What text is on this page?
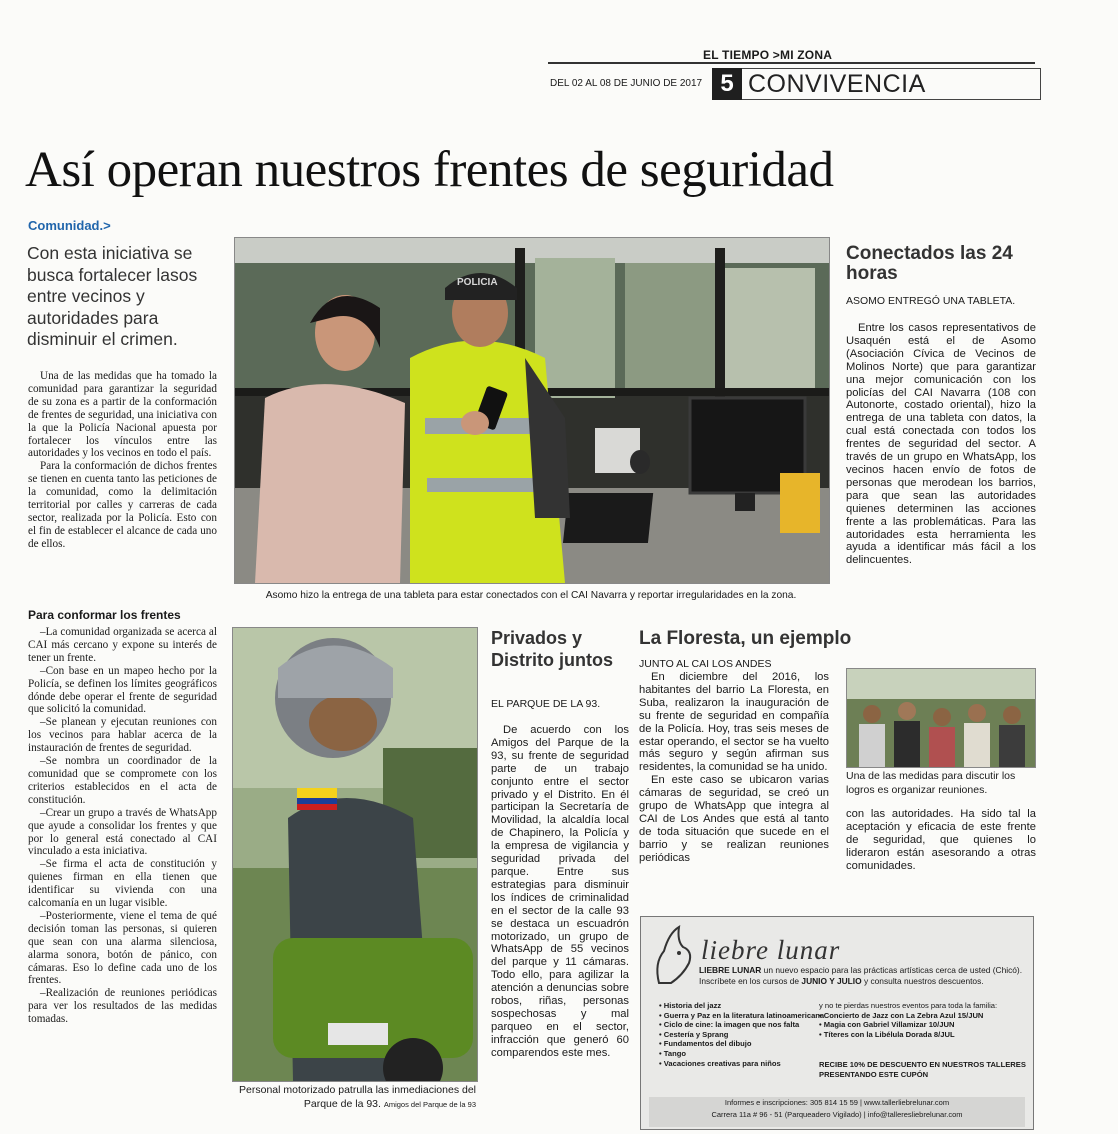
EL TIEMPO >MI ZONA
DEL 02 AL 08 DE JUNIO DE 2017 5 CONVIVENCIA
Así operan nuestros frentes de seguridad
Comunidad.>
Con esta iniciativa se busca fortalecer lasos entre vecinos y autoridades para disminuir el crimen.

Una de las medidas que ha tomado la comunidad para garantizar la seguridad de su zona es a partir de la conformación de frentes de seguridad, una iniciativa con la que la Policía Nacional apuesta por fortalecer los vínculos entre las autoridades y los vecinos en todo el país.

Para la conformación de dichos frentes se tienen en cuenta tanto las peticiones de la comunidad, como la delimitación territorial por calles y carreras de cada sector, realizada por la Policía. Esto con el fin de establecer el alcance de cada uno de ellos.

Para conformar los frentes

–La comunidad organizada se acerca al CAI más cercano y expone su interés de tener un frente.

–Con base en un mapeo hecho por la Policía, se definen los límites geográficos dónde debe operar el frente de seguridad que solicitó la comunidad.

–Se planean y ejecutan reuniones con los vecinos para hablar acerca de la instauración de frentes de seguridad.

–Se nombra un coordinador de la comunidad que se compromete con los criterios establecidos en el acta de constitución.

–Crear un grupo a través de WhatsApp que ayude a consolidar los frentes y que por lo general está conectado al CAI vinculado a esta iniciativa.

–Se firma el acta de constitución y quienes firman en ella tienen que identificar su vivienda con una calcomanía en un lugar visible.

–Posteriormente, viene el tema de qué decisión toman las personas, si quieren que sean con una alarma silenciosa, alarma sonora, botón de pánico, con cámaras. Eso lo define cada uno de los frentes.

–Realización de reuniones periódicas para ver los resultados de las medidas tomadas.

POLICIA
Asomo hizo la entrega de una tableta para estar conectados con el CAI Navarra y reportar irregularidades en la zona.
Personal motorizado patrulla las inmediaciones del Parque de la 93. Amigos del Parque de la 93
Conectados las 24 horas
ASOMO ENTREGÓ UNA TABLETA.

Entre los casos representativos de Usaquén está el de Asomo (Asociación Cívica de Vecinos de Molinos Norte) que para garantizar una mejor comunicación con los policías del CAI Navarra (108 con Autonorte, costado oriental), hizo la entrega de una tableta con datos, la cual está conectada con todos los frentes de seguridad del sector. A través de un grupo en WhatsApp, los vecinos hacen envío de fotos de personas que merodean los barrios, para que sean las autoridades quienes determinen las acciones frente a las problemáticas. Para las autoridades esta herramienta les ayuda a identificar más fácil a los delincuentes.

Privados y Distrito juntos
EL PARQUE DE LA 93.

De acuerdo con los Amigos del Parque de la 93, su frente de seguridad parte de un trabajo conjunto entre el sector privado y el Distrito. En él participan la Secretaría de Movilidad, la alcaldía local de Chapinero, la Policía y la empresa de vigilancia y seguridad privada del parque. Entre sus estrategias para disminuir los índices de criminalidad en el sector de la calle 93 se destaca un escuadrón motorizado, un grupo de WhatsApp de 55 vecinos del parque y 11 cámaras. Todo ello, para agilizar la atención a denuncias sobre robos, riñas, personas sospechosas y mal parqueo en el sector, infracción que generó 60 comparendos este mes.

La Floresta, un ejemplo
JUNTO AL CAI LOS ANDES

En diciembre del 2016, los habitantes del barrio La Floresta, en Suba, realizaron la inauguración de su frente de seguridad en compañía de la Policía. Hoy, tras seis meses de estar operando, el sector se ha vuelto más seguro y según afirman sus residentes, la comunidad se ha unido.

En este caso se ubicaron varias cámaras de seguridad, se creó un grupo de WhatsApp que integra al CAI de Los Andes que está al tanto de toda situación que sucede en el barrio y se realizan reuniones periódicas

Una de las medidas para discutir los logros es organizar reuniones.

con las autoridades. Ha sido tal la aceptación y eficacia de este frente de seguridad, que quienes lo lideraron están asesorando a otras comunidades.

liebre lunar
LIEBRE LUNAR un nuevo espacio para las prácticas artísticas cerca de usted (Chicó). Inscríbete en los cursos de JUNIO Y JULIO y consulta nuestros descuentos.
• Historia del jazz
• Guerra y Paz en la literatura latinoamericana
• Ciclo de cine: la imagen que nos falta
• Cestería y Sprang
• Fundamentos del dibujo
• Tango
• Vacaciones creativas para niños
y no te pierdas nuestros eventos para toda la familia:
• Concierto de Jazz con La Zebra Azul 15/JUN
• Magia con Gabriel Villamizar 10/JUN
• Títeres con la Libélula Dorada 8/JUL
RECIBE 10% DE DESCUENTO EN NUESTROS TALLERES PRESENTANDO ESTE CUPÓN
Informes e inscripciones: 305 814 15 59 | www.tallerliebrelunar.com
Carrera 11a # 96 - 51 (Parqueadero Vigilado) | info@talleresliebrelunar.com
